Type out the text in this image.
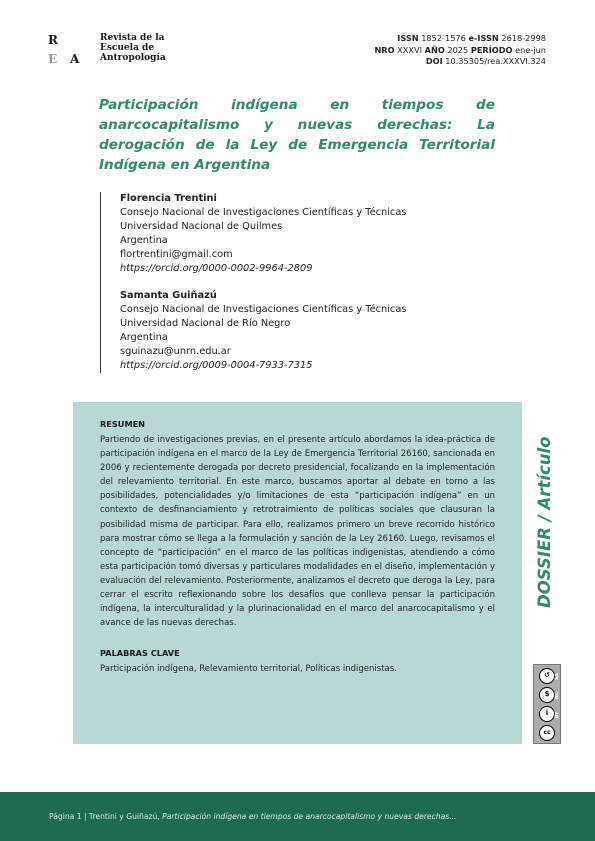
R
E A
Revista de la
Escuela de
Antropología
ISSN 1852-1576 e-ISSN 2618-2998
NRO XXXVI AÑO 2025 PERÍODO ene-jun
DOI 10.35305/rea.XXXVI.324
Participación indígena en tiempos de anarcocapitalismo y nuevas derechas: La derogación de la Ley de Emergencia Territorial Indígena en Argentina
Florencia Trentini
Consejo Nacional de Investigaciones Científicas y Técnicas
Universidad Nacional de Quilmes
Argentina
flortrentini@gmail.com
https://orcid.org/0000-0002-9964-2809
Samanta Guiñazú
Consejo Nacional de Investigaciones Científicas y Técnicas
Universidad Nacional de Río Negro
Argentina
sguinazu@unrn.edu.ar
https://orcid.org/0009-0004-7933-7315
RESUMEN

Partiendo de investigaciones previas, en el presente artículo abordamos la idea-práctica de participación indígena en el marco de la Ley de Emergencia Territorial 26160, sancionada en 2006 y recientemente derogada por decreto presidencial, focalizando en la implementación del relevamiento territorial. En este marco, buscamos aportar al debate en torno a las posibilidades, potencialidades y/o limitaciones de esta “participación indígena” en un contexto de desfinanciamiento y retrotraimiento de políticas sociales que clausuran la posibilidad misma de participar. Para ello, realizamos primero un breve recorrido histórico para mostrar cómo se llega a la formulación y sanción de la Ley 26160. Luego, revisamos el concepto de “participación” en el marco de las políticas indigenistas, atendiendo a cómo esta participación tomó diversas y particulares modalidades en el diseño, implementación y evaluación del relevamiento. Posteriormente, analizamos el decreto que deroga la Ley, para cerrar el escrito reflexionando sobre los desafíos que conlleva pensar la participación indígena, la interculturalidad y la plurinacionalidad en el marco del anarcocapitalismo y el avance de las nuevas derechas.

PALABRAS CLAVE

Participación indígena, Relevamiento territorial, Políticas indigenistas.

DOSSIER / Artículo
↺
$
i
cc
SA
NC
BY
Página 1 | Trentini y Guiñazú, Participación indígena en tiempos de anarcocapitalismo y nuevas derechas...
